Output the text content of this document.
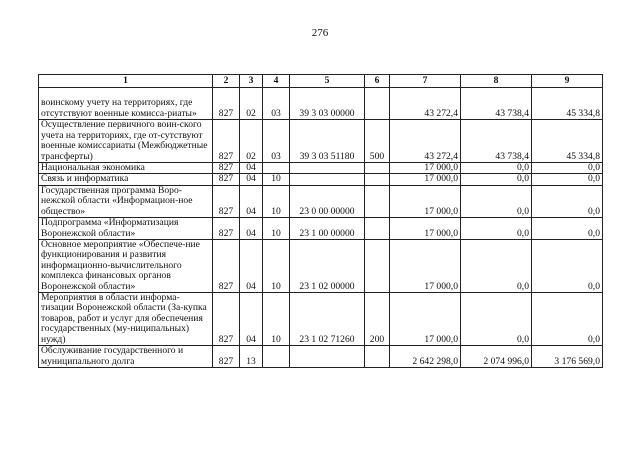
276
1	2	3	4	5	6	7	8	9
воинскому учету на территориях, где отсутствуют военные комисса-риаты»	827	02	03	39 3 03 00000		43 272,4	43 738,4	45 334,8
Осуществление первичного воин-ского учета на территориях, где от-сутствуют военные комиссариаты (Межбюджетные трансферты)	827	02	03	39 3 03 51180	500	43 272,4	43 738,4	45 334,8
Национальная экономика	827	04				17 000,0	0,0	0,0
Связь и информатика	827	04	10			17 000,0	0,0	0,0
Государственная программа Воро-нежской области «Информацион-ное общество»	827	04	10	23 0 00 00000		17 000,0	0,0	0,0
Подпрограмма «Информатизация Воронежской области»	827	04	10	23 1 00 00000		17 000,0	0,0	0,0
Основное мероприятие «Обеспече-ние функционирования и развития информационно-вычислительного комплекса финансовых органов Воронежской области»	827	04	10	23 1 02 00000		17 000,0	0,0	0,0
Мероприятия в области информа-тизации Воронежской области (За-купка товаров, работ и услуг для обеспечения государственных (му-ниципальных) нужд)	827	04	10	23 1 02 71260	200	17 000,0	0,0	0,0
Обслуживание государственного и муниципального долга	827	13				2 642 298,0	2 074 996,0	3 176 569,0
